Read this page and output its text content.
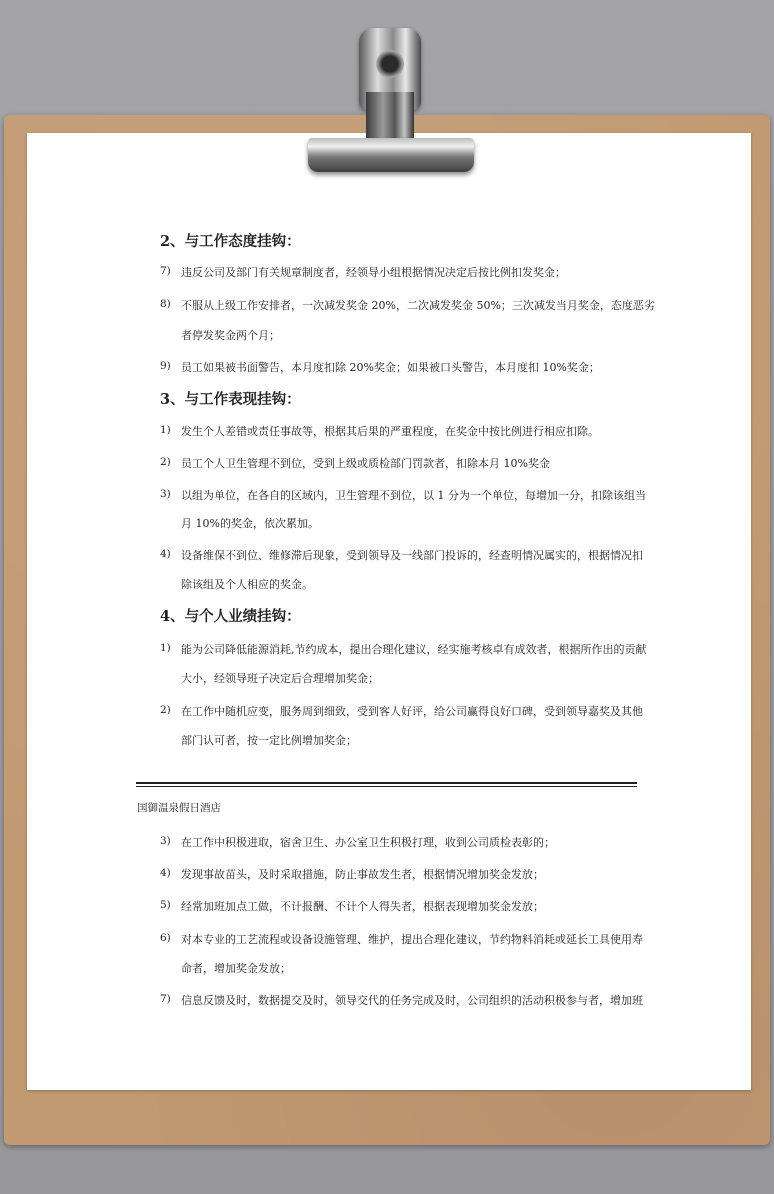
2、与工作态度挂钩：
7) 违反公司及部门有关规章制度者，经领导小组根据情况决定后按比例扣发奖金；
8) 不服从上级工作安排者，一次减发奖金 20%，二次减发奖金 50%；三次减发当月奖金，态度恶劣
者停发奖金两个月；
9) 员工如果被书面警告，本月度扣除 20%奖金；如果被口头警告，本月度扣 10%奖金；
3、与工作表现挂钩：
1) 发生个人差错或责任事故等，根据其后果的严重程度，在奖金中按比例进行相应扣除。
2) 员工个人卫生管理不到位，受到上级或质检部门罚款者，扣除本月 10%奖金
3) 以组为单位，在各自的区域内，卫生管理不到位，以 1 分为一个单位，每增加一分，扣除该组当
月 10%的奖金，依次累加。
4) 设备维保不到位、维修滞后现象，受到领导及一线部门投诉的，经查明情况属实的，根据情况扣
除该组及个人相应的奖金。
4、与个人业绩挂钩：
1) 能为公司降低能源消耗,节约成本，提出合理化建议，经实施考核卓有成效者，根据所作出的贡献
大小，经领导班子决定后合理增加奖金；
2) 在工作中随机应变，服务周到细致，受到客人好评，给公司赢得良好口碑，受到领导嘉奖及其他
部门认可者，按一定比例增加奖金；
国御温泉假日酒店
3) 在工作中积极进取，宿舍卫生、办公室卫生积极打理，收到公司质检表彰的；
4) 发现事故苗头，及时采取措施，防止事故发生者，根据情况增加奖金发放；
5) 经常加班加点工做，不计报酬、不计个人得失者，根据表现增加奖金发放；
6) 对本专业的工艺流程或设备设施管理、维护，提出合理化建议，节约物料消耗或延长工具使用寿
命者，增加奖金发放；
7) 信息反馈及时，数据提交及时，领导交代的任务完成及时，公司组织的活动积极参与者，增加班
